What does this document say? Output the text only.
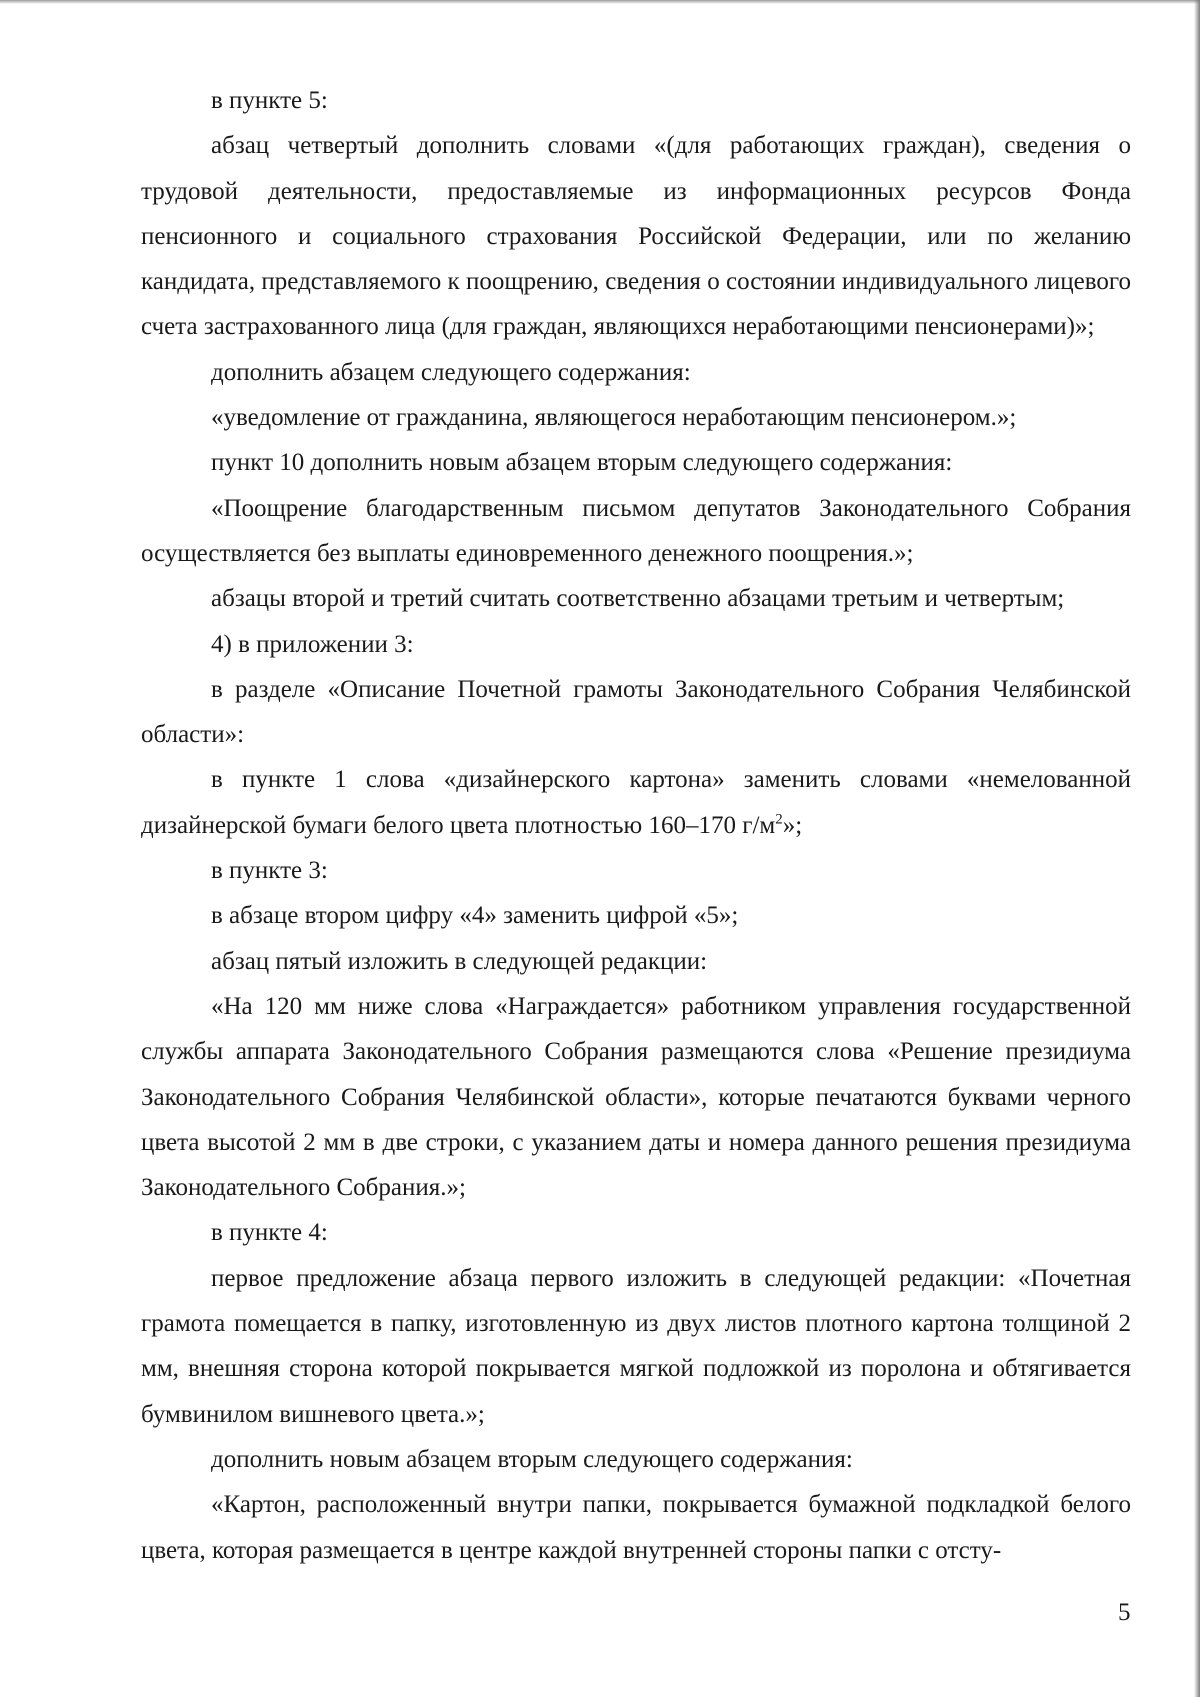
в пункте 5:

абзац четвертый дополнить словами «(для работающих граждан), сведения о трудовой деятельности, предоставляемые из информационных ресурсов Фонда пенсионного и социального страхования Российской Федерации, или по желанию кандидата, представляемого к поощрению, сведения о состоянии индивидуального лицевого счета застрахованного лица (для граждан, являющихся неработающими пенсионерами)»;

дополнить абзацем следующего содержания:

«уведомление от гражданина, являющегося неработающим пенсионером.»;

пункт 10 дополнить новым абзацем вторым следующего содержания:

«Поощрение благодарственным письмом депутатов Законодательного Собрания осуществляется без выплаты единовременного денежного поощрения.»;

абзацы второй и третий считать соответственно абзацами третьим и четвертым;

4) в приложении 3:

в разделе «Описание Почетной грамоты Законодательного Собрания Челябинской области»:

в пункте 1 слова «дизайнерского картона» заменить словами «немелованной дизайнерской бумаги белого цвета плотностью 160–170 $г/м^2$»;

в пункте 3:

в абзаце втором цифру «4» заменить цифрой «5»;

абзац пятый изложить в следующей редакции:

«На 120 мм ниже слова «Награждается» работником управления государственной службы аппарата Законодательного Собрания размещаются слова «Решение президиума Законодательного Собрания Челябинской области», которые печатаются буквами черного цвета высотой 2 мм в две строки, с указанием даты и номера данного решения президиума Законодательного Собрания.»;

в пункте 4:

первое предложение абзаца первого изложить в следующей редакции: «Почетная грамота помещается в папку, изготовленную из двух листов плотного картона толщиной 2 мм, внешняя сторона которой покрывается мягкой подложкой из поролона и обтягивается бумвинилом вишневого цвета.»;

дополнить новым абзацем вторым следующего содержания:

«Картон, расположенный внутри папки, покрывается бумажной подкладкой белого цвета, которая размещается в центре каждой внутренней стороны папки с отсту-

5
